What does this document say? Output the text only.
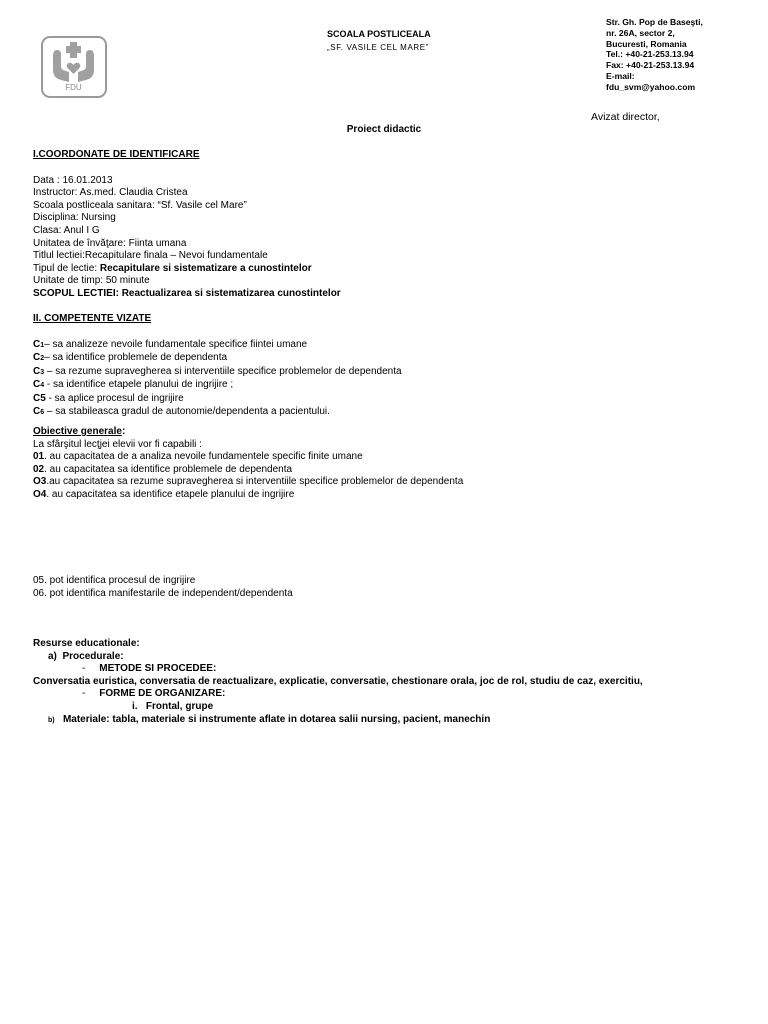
FDU
SCOALA POSTLICEALA
„SF. VASILE CEL MARE”
Str. Gh. Pop de Baseşti,
nr. 26A, sector 2,
Bucuresti, Romania
Tel.: +40-21-253.13.94
Fax: +40-21-253.13.94
E-mail:
fdu_svm@yahoo.com
Avizat director,
Proiect didactic
I.COORDONATE DE IDENTIFICARE
Data : 16.01.2013
Instructor: As.med. Claudia Cristea
Scoala postliceala sanitara: “Sf. Vasile cel Mare”
Disciplina: Nursing
Clasa: Anul I G
Unitatea de învăţare: Fiinta umana
Titlul lectiei:Recapitulare finala – Nevoi fundamentale
Tipul de lectie: Recapitulare si sistematizare a cunostintelor
Unitate de timp: 50 minute
SCOPUL LECTIEI: Reactualizarea si sistematizarea cunostintelor
II. COMPETENTE VIZATE
C1– sa analizeze nevoile fundamentale specifice fiintei umane
C2– sa identifice problemele de dependenta
C3 – sa rezume supravegherea si interventiile specifice problemelor de dependenta
C4 - sa identifice etapele planului de ingrijire ;
C5 - sa aplice procesul de ingrijire
C6 – sa stabileasca gradul de autonomie/dependenta a pacientului.
Obiective generale:
La sfârşitul lecţjei elevii vor fi capabili :
01. au capacitatea de a analiza nevoile fundamentele specific finite umane
02. au capacitatea sa identifice problemele de dependenta
O3.au capacitatea sa rezume supravegherea si interventiile specifice problemelor de dependenta
O4. au capacitatea sa identifice etapele planului de ingrijire
05. pot identifica procesul de ingrijire
06. pot identifica manifestarile de independent/dependenta
Resurse educationale:
a) Procedurale:
- METODE SI PROCEDEE:
Conversatia euristica, conversatia de reactualizare, explicatie, conversatie, chestionare orala, joc de rol, studiu de caz, exercitiu,
- FORME DE ORGANIZARE:
i. Frontal, grupe
b) Materiale: tabla, materiale si instrumente aflate in dotarea salii nursing, pacient, manechin
